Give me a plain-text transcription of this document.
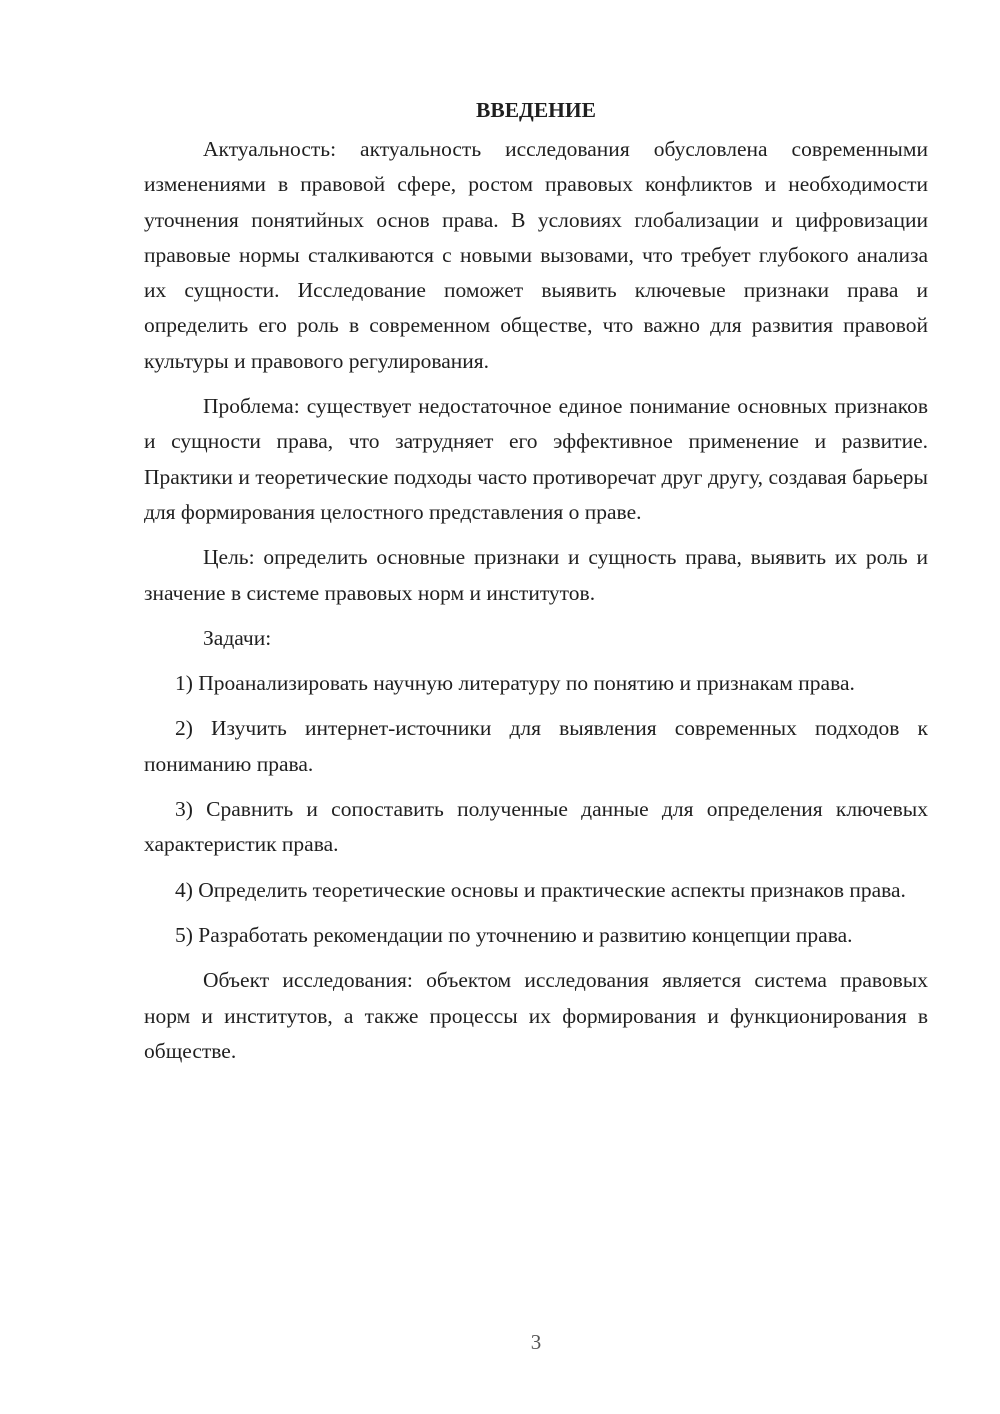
ВВЕДЕНИЕ

Актуальность: актуальность исследования обусловлена современными изменениями в правовой сфере, ростом правовых конфликтов и необходимости уточнения понятийных основ права. В условиях глобализации и цифровизации правовые нормы сталкиваются с новыми вызовами, что требует глубокого анализа их сущности. Исследование поможет выявить ключевые признаки права и определить его роль в современном обществе, что важно для развития правовой культуры и правового регулирования.

Проблема: существует недостаточное единое понимание основных признаков и сущности права, что затрудняет его эффективное применение и развитие. Практики и теоретические подходы часто противоречат друг другу, создавая барьеры для формирования целостного представления о праве.

Цель: определить основные признаки и сущность права, выявить их роль и значение в системе правовых норм и институтов.

Задачи:

1) Проанализировать научную литературу по понятию и признакам права.

2) Изучить интернет-источники для выявления современных подходов к пониманию права.

3) Сравнить и сопоставить полученные данные для определения ключевых характеристик права.

4) Определить теоретические основы и практические аспекты признаков права.

5) Разработать рекомендации по уточнению и развитию концепции права.

Объект исследования: объектом исследования является система правовых норм и институтов, а также процессы их формирования и функционирования в обществе.

3
